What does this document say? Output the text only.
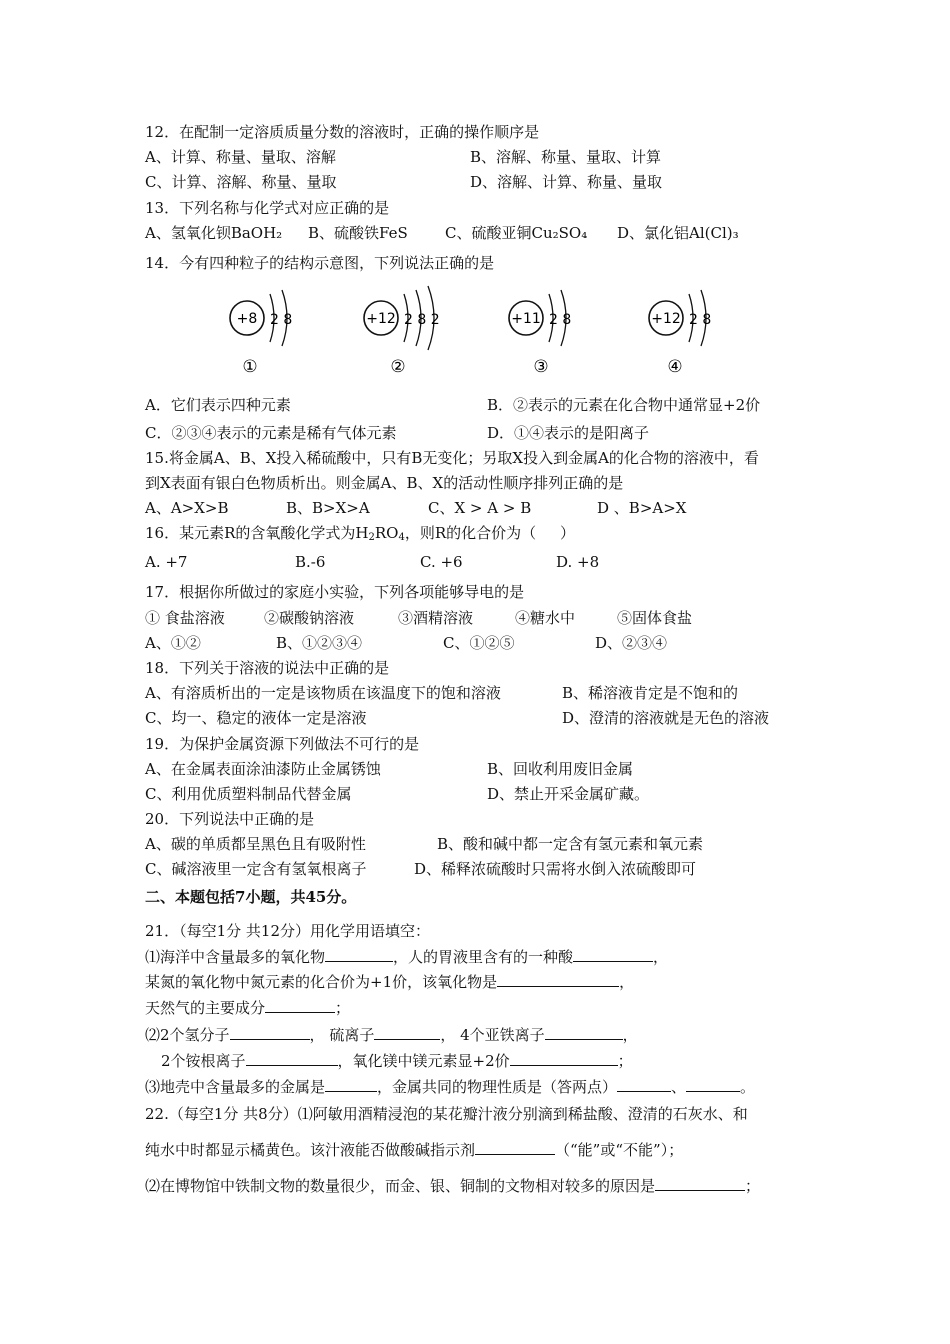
12．在配制一定溶质质量分数的溶液时，正确的操作顺序是
A、计算、称量、量取、溶解	B、溶解、称量、量取、计算
C、计算、溶解、称量、量取	D、溶解、计算、称量、量取
13．下列名称与化学式对应正确的是
A、氢氧化钡BaOH₂ B、硫酸铁FeS C、硫酸亚铜Cu₂SO₄ D、氯化铝Al(Cl)₃
14．今有四种粒子的结构示意图，下列说法正确的是
+8 2 8
①
+12 2 8 2
②
+11 2 8
③
+12 2 8
④
A．它们表示四种元素	B．②表示的元素在化合物中通常显+2价
C．②③④表示的元素是稀有气体元素	D．①④表示的是阳离子
15.将金属A、B、X投入稀硫酸中，只有B无变化；另取X投入到金属A的化合物的溶液中，看
到X表面有银白色物质析出。则金属A、B、X的活动性顺序排列正确的是
A、A>X>B	B、B>X>A	C、X > A > B	D 、B>A>X
16．某元素R的含氧酸化学式为$H_2RO_4$，则R的化合价为（     ）
A. +7	B.-6	C. +6	D. +8
17．根据你所做过的家庭小实验，下列各项能够导电的是
① 食盐溶液	②碳酸钠溶液	③酒精溶液	④糖水中	⑤固体食盐
A、①②	B、①②③④	C、①②⑤	D、②③④
18．下列关于溶液的说法中正确的是
A、有溶质析出的一定是该物质在该温度下的饱和溶液	B、稀溶液肯定是不饱和的
C、均一、稳定的液体一定是溶液	D、澄清的溶液就是无色的溶液
19．为保护金属资源下列做法不可行的是
A、在金属表面涂油漆防止金属锈蚀	B、回收利用废旧金属
C、利用优质塑料制品代替金属	D、禁止开采金属矿藏。
20．下列说法中正确的是
A、碳的单质都呈黑色且有吸附性	B、酸和碱中都一定含有氢元素和氧元素
C、碱溶液里一定含有氢氧根离子	D、稀释浓硫酸时只需将水倒入浓硫酸即可
二、本题包括7小题，共45分。
21．（每空1分 共12分）用化学用语填空：
⑴海洋中含量最多的氧化物	，人的胃液里含有的一种酸	，
某氮的氧化物中氮元素的化合价为+1价，该氧化物是	，
天然气的主要成分	；
⑵2个氢分子	， 硫离子	， 4个亚铁离子	，
2个铵根离子	，氧化镁中镁元素显+2价	；
⑶地壳中含量最多的金属是	，金属共同的物理性质是（答两点）	、	。
22.（每空1分 共8分）⑴阿敏用酒精浸泡的某花瓣汁液分别滴到稀盐酸、澄清的石灰水、和
纯水中时都显示橘黄色。该汁液能否做酸碱指示剂	（“能”或“不能”）；
⑵在博物馆中铁制文物的数量很少，而金、银、铜制的文物相对较多的原因是	；
